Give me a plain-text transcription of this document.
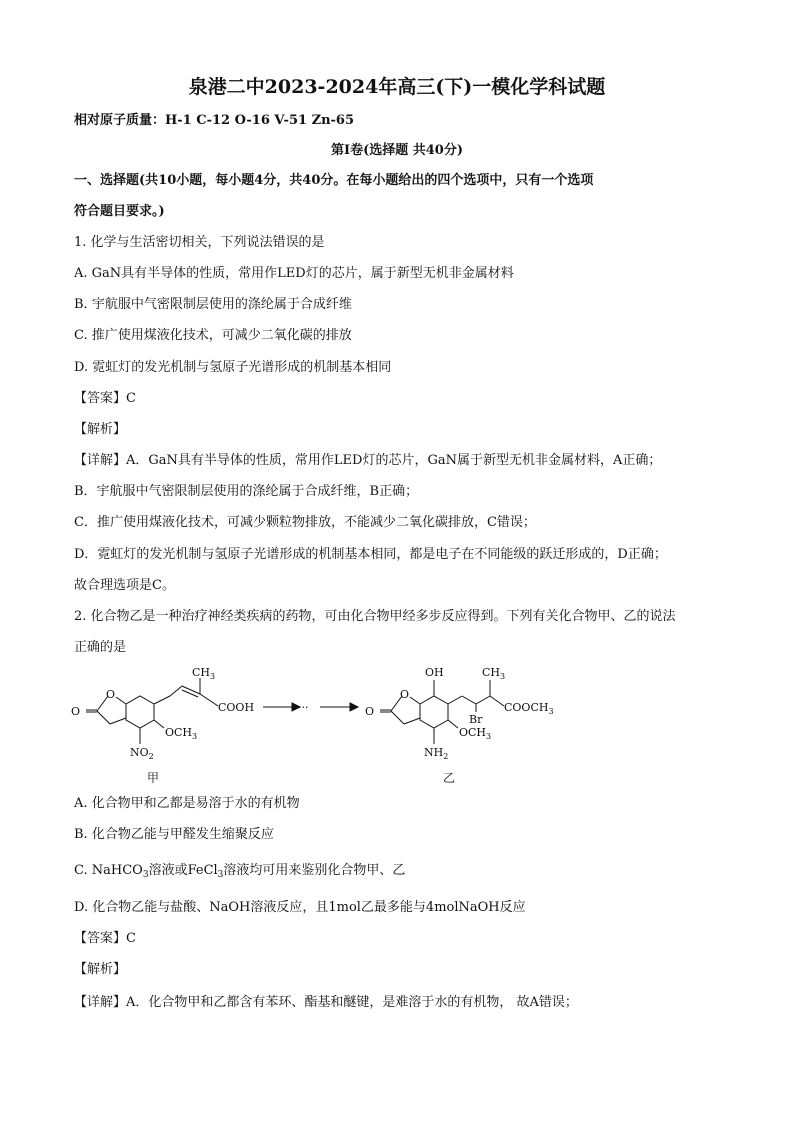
泉港二中2023-2024年高三(下)一模化学科试题
相对原子质量：H-1 C-12 O-16 V-51 Zn-65
第Ⅰ卷(选择题 共40分)
一、选择题(共10小题，每小题4分，共40分。在每小题给出的四个选项中，只有一个选项
符合题目要求。)
1. 化学与生活密切相关，下列说法错误的是
A. GaN具有半导体的性质，常用作LED灯的芯片，属于新型无机非金属材料
B. 宇航服中气密限制层使用的涤纶属于合成纤维
C. 推广使用煤液化技术，可减少二氧化碳的排放
D. 霓虹灯的发光机制与氢原子光谱形成的机制基本相同
【答案】C
【解析】
【详解】A．GaN具有半导体的性质，常用作LED灯的芯片，GaN属于新型无机非金属材料，A正确；
B．宇航服中气密限制层使用的涤纶属于合成纤维，B正确；
C．推广使用煤液化技术，可减少颗粒物排放，不能减少二氧化碳排放，C错误；
D．霓虹灯的发光机制与氢原子光谱形成的机制基本相同，都是电子在不同能级的跃迁形成的，D正确；
故合理选项是C。
2. 化合物乙是一种治疗神经类疾病的药物，可由化合物甲经多步反应得到。下列有关化合物甲、乙的说法
正确的是
O
O
$CH_3$
COOH
$OCH_3$
$NO_2$
···	O
O
OH	$CH_3$
Br
$COOCH_3$
$OCH_3$
$NH_2$
甲	乙
A. 化合物甲和乙都是易溶于水的有机物
B. 化合物乙能与甲醛发生缩聚反应
C. NaHCO$_3$溶液或FeCl$_3$溶液均可用来鉴别化合物甲、乙
D. 化合物乙能与盐酸、NaOH溶液反应，且1mol乙最多能与4molNaOH反应
【答案】C
【解析】
【详解】A．化合物甲和乙都含有苯环、酯基和醚键，是难溶于水的有机物， 故A错误；
